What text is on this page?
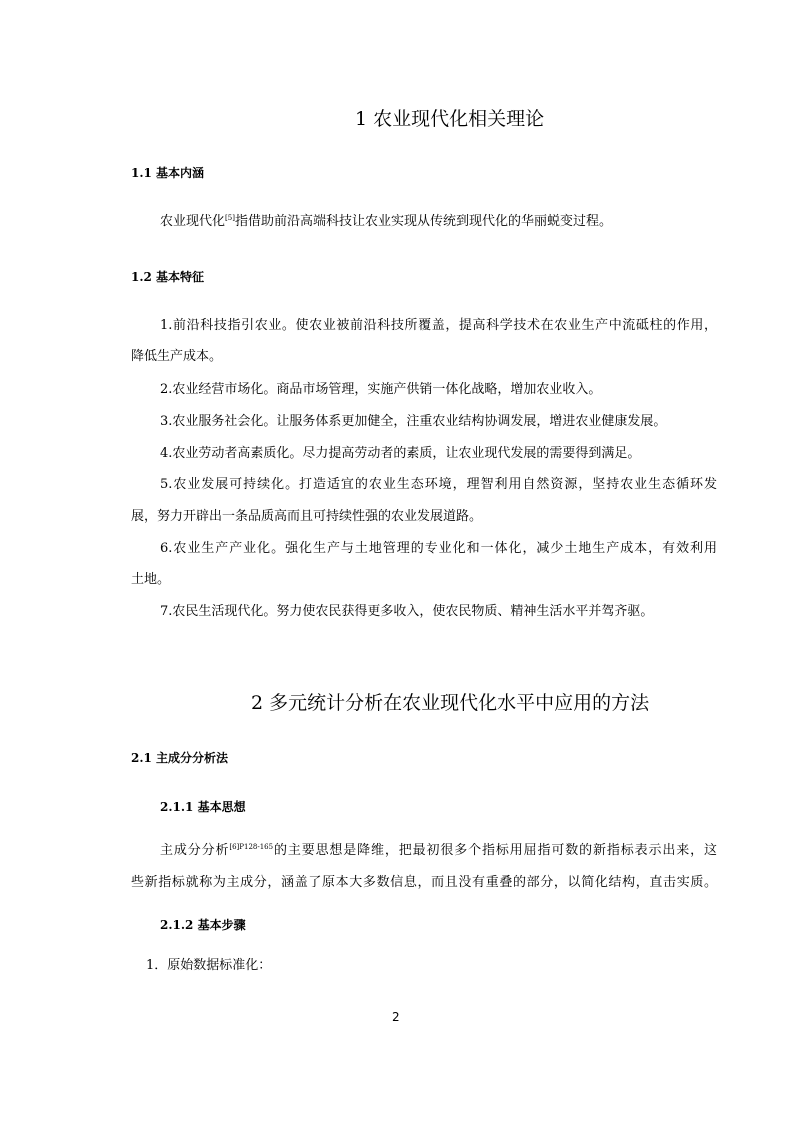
1 农业现代化相关理论
1.1 基本内涵
农业现代化[5]指借助前沿高端科技让农业实现从传统到现代化的华丽蜕变过程。
1.2 基本特征
1.前沿科技指引农业。使农业被前沿科技所覆盖，提高科学技术在农业生产中流砥柱的作用，
降低生产成本。
2.农业经营市场化。商品市场管理，实施产供销一体化战略，增加农业收入。
3.农业服务社会化。让服务体系更加健全，注重农业结构协调发展，增进农业健康发展。
4.农业劳动者高素质化。尽力提高劳动者的素质，让农业现代发展的需要得到满足。
5.农业发展可持续化。打造适宜的农业生态环境，理智利用自然资源，坚持农业生态循环发
展，努力开辟出一条品质高而且可持续性强的农业发展道路。
6.农业生产产业化。强化生产与土地管理的专业化和一体化，减少土地生产成本，有效利用
土地。
7.农民生活现代化。努力使农民获得更多收入，使农民物质、精神生活水平并驾齐驱。
2 多元统计分析在农业现代化水平中应用的方法
2.1 主成分分析法
2.1.1 基本思想
主成分分析$^{[6]P128-165}$的主要思想是降维，把最初很多个指标用屈指可数的新指标表示出来，这
些新指标就称为主成分，涵盖了原本大多数信息，而且没有重叠的部分，以简化结构，直击实质。
2.1.2 基本步骤
1．原始数据标准化：
2
